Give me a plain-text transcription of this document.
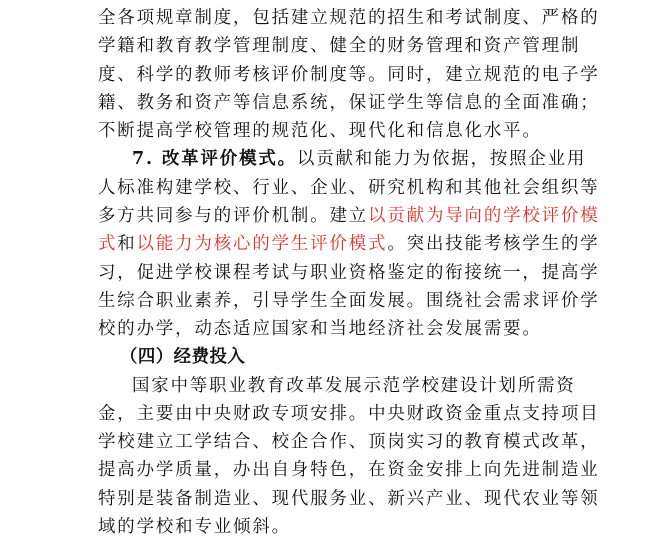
全各项规章制度，包括建立规范的招生和考试制度、严格的
学籍和教育教学管理制度、健全的财务管理和资产管理制
度、科学的教师考核评价制度等。同时，建立规范的电子学
籍、教务和资产等信息系统，保证学生等信息的全面准确；
不断提高学校管理的规范化、现代化和信息化水平。
7. 改革评价模式。以贡献和能力为依据，按照企业用
人标准构建学校、行业、企业、研究机构和其他社会组织等
多方共同参与的评价机制。建立以贡献为导向的学校评价模
式和以能力为核心的学生评价模式。突出技能考核学生的学
习，促进学校课程考试与职业资格鉴定的衔接统一，提高学
生综合职业素养，引导学生全面发展。围绕社会需求评价学
校的办学，动态适应国家和当地经济社会发展需要。
（四）经费投入
国家中等职业教育改革发展示范学校建设计划所需资
金，主要由中央财政专项安排。中央财政资金重点支持项目
学校建立工学结合、校企合作、顶岗实习的教育模式改革，
提高办学质量，办出自身特色，在资金安排上向先进制造业
特别是装备制造业、现代服务业、新兴产业、现代农业等领
域的学校和专业倾斜。
